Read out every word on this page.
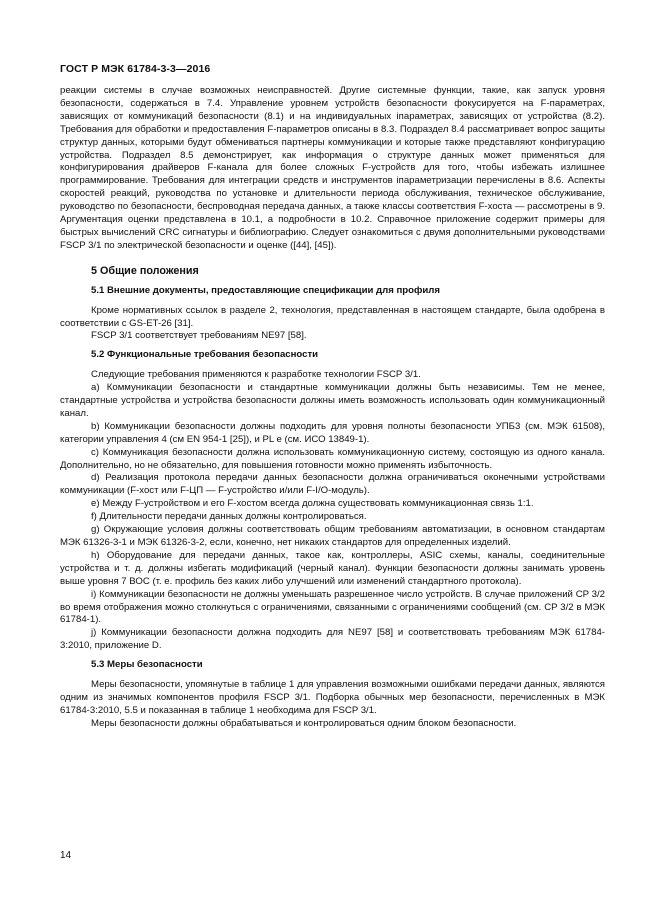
ГОСТ Р МЭК 61784-3-3—2016

реакции системы в случае возможных неисправностей. Другие системные функции, такие, как запуск уровня безопасности, содержаться в 7.4. Управление уровнем устройств безопасности фокусируется на F-параметрах, зависящих от коммуникаций безопасности (8.1) и на индивидуальных iпараметрах, зависящих от устройства (8.2). Требования для обработки и предоставления F-параметров описаны в 8.3. Подраздел 8.4 рассматривает вопрос защиты структур данных, которыми будут обмениваться партнеры коммуникации и которые также представляют конфигурацию устройства. Подраздел 8.5 демонстрирует, как информация о структуре данных может применяться для конфигурирования драйверов F-канала для более сложных F-устройств для того, чтобы избежать излишнее программирование. Требования для интеграции средств и инструментов iпараметризации перечислены в 8.6. Аспекты скоростей реакций, руководства по установке и длительности периода обслуживания, техническое обслуживание, руководство по безопасности, беспроводная передача данных, а также классы соответствия F-хоста — рассмотрены в 9. Аргументация оценки представлена в 10.1, а подробности в 10.2. Справочное приложение содержит примеры для быстрых вычислений CRC сигнатуры и библиографию. Следует ознакомиться с двумя дополнительными руководствами FSCP 3/1 по электрической безопасности и оценке ([44], [45]).

5 Общие положения
5.1 Внешние документы, предоставляющие спецификации для профиля

Кроме нормативных ссылок в разделе 2, технология, представленная в настоящем стандарте, была одобрена в соответствии с GS-ET-26 [31].

FSCP 3/1 соответствует требованиям NE97 [58].

5.2 Функциональные требования безопасности

Следующие требования применяются к разработке технологии FSCP 3/1.

a) Коммуникации безопасности и стандартные коммуникации должны быть независимы. Тем не менее, стандартные устройства и устройства безопасности должны иметь возможность использовать один коммуникационный канал.

b) Коммуникации безопасности должны подходить для уровня полноты безопасности УПБ3 (см. МЭК 61508), категории управления 4 (см EN 954-1 [25]), и PL e (см. ИСО 13849-1).

c) Коммуникация безопасности должна использовать коммуникационную систему, состоящую из одного канала. Дополнительно, но не обязательно, для повышения готовности можно применять избыточность.

d) Реализация протокола передачи данных безопасности должна ограничиваться оконечными устройствами коммуникации (F-хост или F-ЦП — F-устройство и/или F-I/O-модуль).

e) Между F-устройством и его F-хостом всегда должна существовать коммуникационная связь 1:1.

f) Длительности передачи данных должны контролироваться.

g) Окружающие условия должны соответствовать общим требованиям автоматизации, в основном стандартам МЭК 61326-3-1 и МЭК 61326-3-2, если, конечно, нет никаких стандартов для определенных изделий.

h) Оборудование для передачи данных, такое как, контроллеры, ASIC схемы, каналы, соединительные устройства и т. д. должны избегать модификаций (черный канал). Функции безопасности должны занимать уровень выше уровня 7 ВОС (т. е. профиль без каких либо улучшений или изменений стандартного протокола).

i) Коммуникации безопасности не должны уменьшать разрешенное число устройств. В случае приложений CP 3/2 во время отображения можно столкнуться с ограничениями, связанными с ограничениями сообщений (см. CP 3/2 в МЭК 61784-1).

j) Коммуникации безопасности должна подходить для NE97 [58] и соответствовать требованиям МЭК 61784-3:2010, приложение D.

5.3 Меры безопасности

Меры безопасности, упомянутые в таблице 1 для управления возможными ошибками передачи данных, являются одним из значимых компонентов профиля FSCP 3/1. Подборка обычных мер безопасности, перечисленных в МЭК 61784-3:2010, 5.5 и показанная в таблице 1 необходима для FSCP 3/1.

Меры безопасности должны обрабатываться и контролироваться одним блоком безопасности.

14
